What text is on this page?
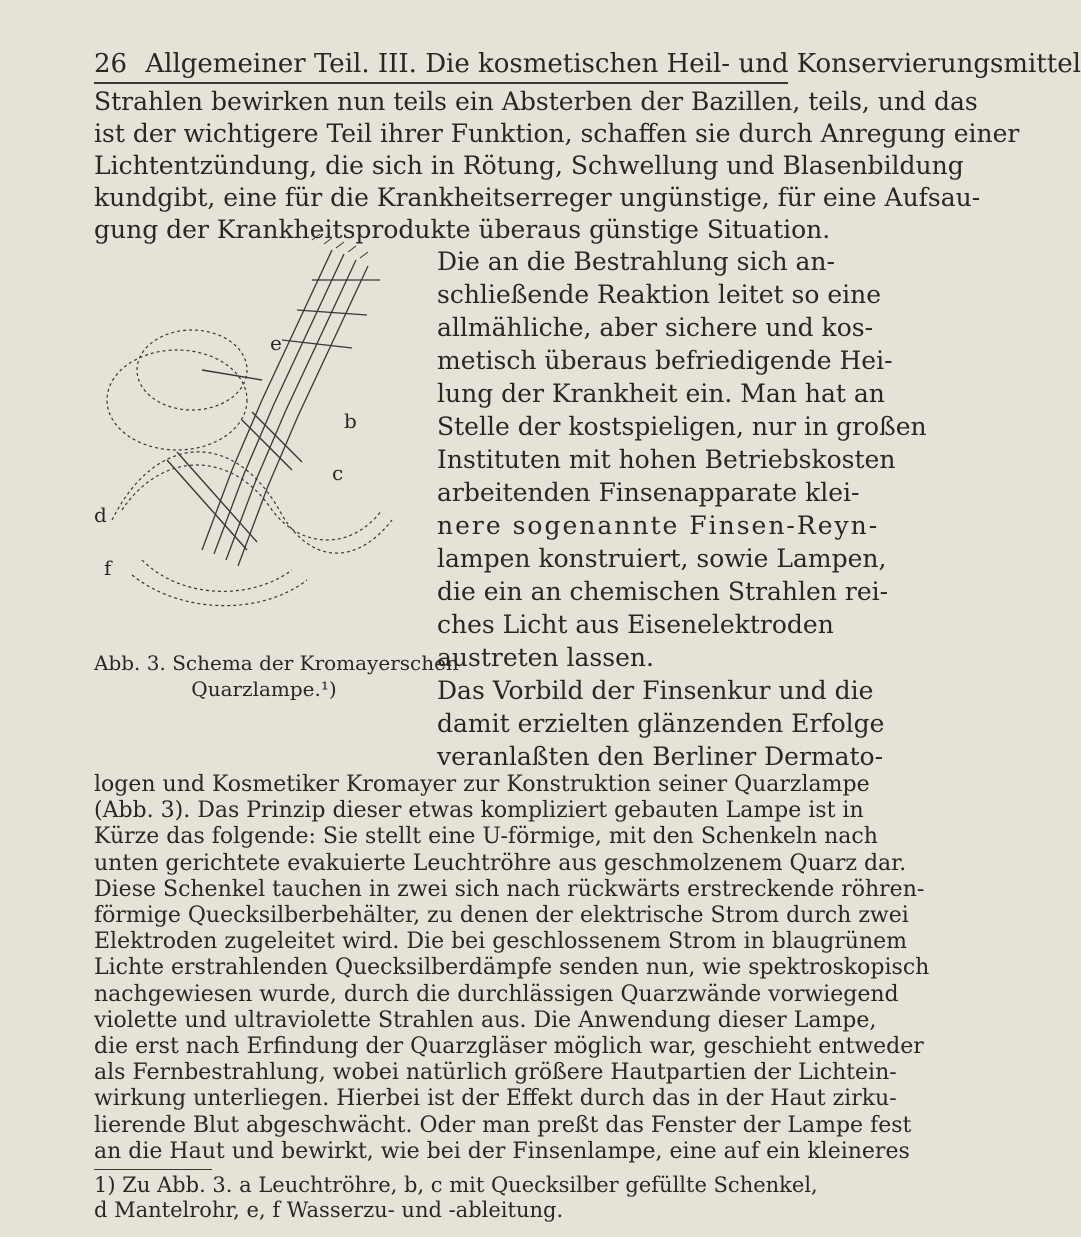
26 Allgemeiner Teil. III. Die kosmetischen Heil- und Konservierungsmittel
Strahlen bewirken nun teils ein Absterben der Bazillen, teils, und das
ist der wichtigere Teil ihrer Funktion, schaffen sie durch Anregung einer
Lichtentzündung, die sich in Rötung, Schwellung und Blasenbildung
kundgibt, eine für die Krankheitserreger ungünstige, für eine Aufsau-
gung der Krankheitsprodukte überaus günstige Situation.
e
c
b
d
f
Die an die Bestrahlung sich an-
schließende Reaktion leitet so eine
allmähliche, aber sichere und kos-
metisch überaus befriedigende Hei-
lung der Krankheit ein. Man hat an
Stelle der kostspieligen, nur in großen
Instituten mit hohen Betriebskosten
arbeitenden Finsenapparate klei-
nere sogenannte Finsen-Reyn-
lampen konstruiert, sowie Lampen,
die ein an chemischen Strahlen rei-
ches Licht aus Eisenelektroden
austreten lassen.
Das Vorbild der Finsenkur und die
damit erzielten glänzenden Erfolge
veranlaßten den Berliner Dermato-
Abb. 3. Schema der Kromayerschen
Quarzlampe.¹)
logen und Kosmetiker Kromayer zur Konstruktion seiner Quarzlampe
(Abb. 3). Das Prinzip dieser etwas kompliziert gebauten Lampe ist in
Kürze das folgende: Sie stellt eine U-förmige, mit den Schenkeln nach
unten gerichtete evakuierte Leuchtröhre aus geschmolzenem Quarz dar.
Diese Schenkel tauchen in zwei sich nach rückwärts erstreckende röhren-
förmige Quecksilberbehälter, zu denen der elektrische Strom durch zwei
Elektroden zugeleitet wird. Die bei geschlossenem Strom in blaugrünem
Lichte erstrahlenden Quecksilberdämpfe senden nun, wie spektroskopisch
nachgewiesen wurde, durch die durchlässigen Quarzwände vorwiegend
violette und ultraviolette Strahlen aus. Die Anwendung dieser Lampe,
die erst nach Erfindung der Quarzgläser möglich war, geschieht entweder
als Fernbestrahlung, wobei natürlich größere Hautpartien der Lichtein-
wirkung unterliegen. Hierbei ist der Effekt durch das in der Haut zirku-
lierende Blut abgeschwächt. Oder man preßt das Fenster der Lampe fest
an die Haut und bewirkt, wie bei der Finsenlampe, eine auf ein kleineres
1) Zu Abb. 3. a Leuchtröhre, b, c mit Quecksilber gefüllte Schenkel,
d Mantelrohr, e, f Wasserzu- und -ableitung.
